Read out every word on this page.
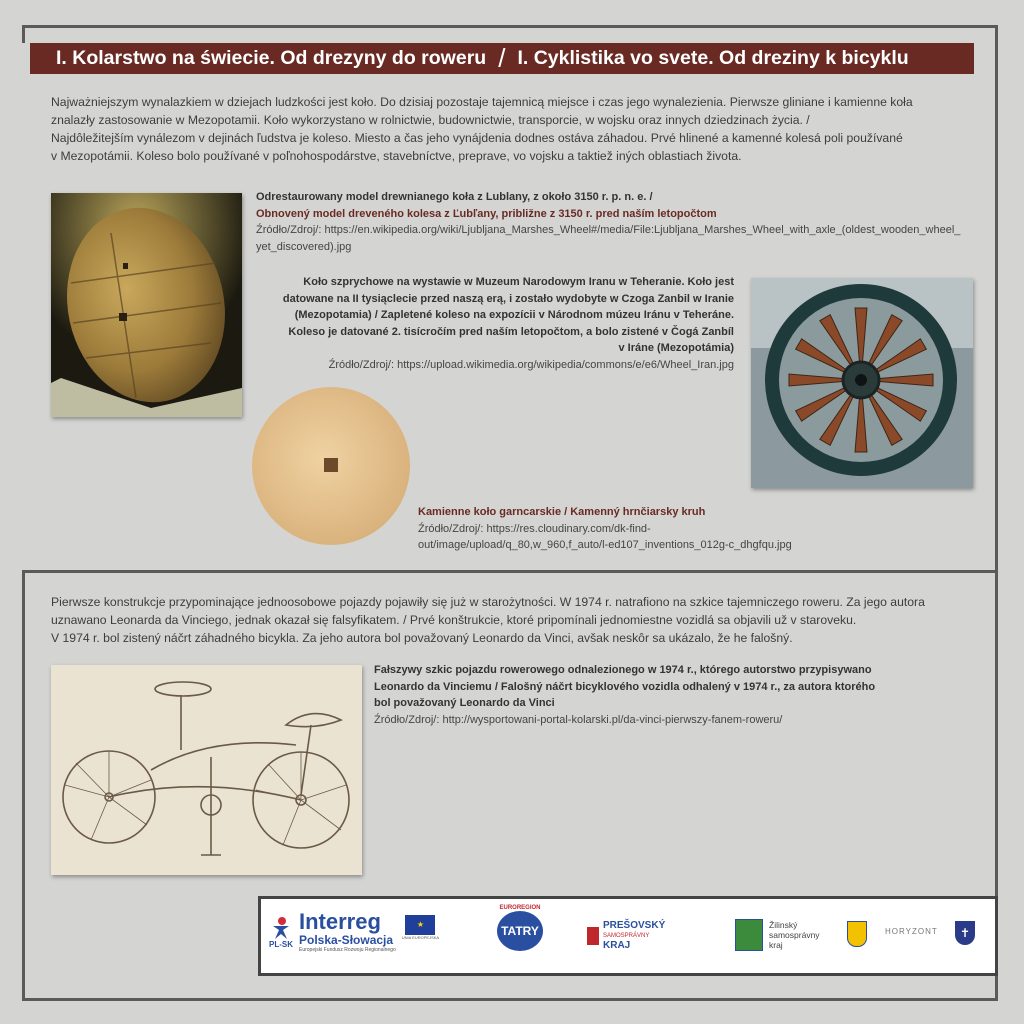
I. Kolarstwo na świecie. Od drezyny do roweru / I. Cyklistika vo svete. Od dreziny k bicyklu
Najważniejszym wynalazkiem w dziejach ludzkości jest koło. Do dzisiaj pozostaje tajemnicą miejsce i czas jego wynalezienia. Pierwsze gliniane i kamienne koła
znalazły zastosowanie w Mezopotamii. Koło wykorzystano w rolnictwie, budownictwie, transporcie, w wojsku oraz innych dziedzinach życia. /
Najdôležitejším vynálezom v dejinách ľudstva je koleso. Miesto a čas jeho vynájdenia dodnes ostáva záhadou. Prvé hlinené a kamenné kolesá poli používané
v Mezopotámii. Koleso bolo používané v poľnohospodárstve, stavebníctve, preprave, vo vojsku a taktiež iných oblastiach života.
Odrestaurowany model drewnianego koła z Lublany, z około 3150 r. p. n. e. /
Obnovený model dreveného kolesa z Ľubľany, približne z 3150 r. pred naším letopočtom
Źródło/Zdroj/: https://en.wikipedia.org/wiki/Ljubljana_Marshes_Wheel#/media/File:Ljubljana_Marshes_Wheel_with_axle_(oldest_wooden_wheel_
yet_discovered).jpg
Koło szprychowe na wystawie w Muzeum Narodowym Iranu w Teheranie. Koło jest
datowane na II tysiąclecie przed naszą erą, i zostało wydobyte w Czoga Zanbil w Iranie
(Mezopotamia) / Zapletené koleso na expozícii v Národnom múzeu Iránu v Teheráne.
Koleso je datované 2. tisícročím pred naším letopočtom, a bolo zistené v Čogá Zanbíl
v Iráne (Mezopotámia)
Źródło/Zdroj/: https://upload.wikimedia.org/wikipedia/commons/e/e6/Wheel_Iran.jpg
Kamienne koło garncarskie / Kamenný hrnčiarsky kruh
Źródło/Zdroj/: https://res.cloudinary.com/dk-find-
out/image/upload/q_80,w_960,f_auto/l-ed107_inventions_012g-c_dhgfqu.jpg
Pierwsze konstrukcje przypominające jednoosobowe pojazdy pojawiły się już w starożytności. W 1974 r. natrafiono na szkice tajemniczego roweru. Za jego autora
uznawano Leonarda da Vinciego, jednak okazał się falsyfikatem. / Prvé konštrukcie, ktoré pripomínali jednomiestne vozidlá sa objavili už v staroveku.
V 1974 r. bol zistený náčrt záhadného bicykla. Za jeho autora bol považovaný Leonardo da Vinci, avšak neskôr sa ukázalo, že he falošný.
Fałszywy szkic pojazdu rowerowego odnalezionego w 1974 r., którego autorstwo przypisywano
Leonardo da Vinciemu / Falošný náčrt bicyklového vozidla odhalený v 1974 r., za autora ktorého
bol považovaný Leonardo da Vinci
Źródło/Zdroj/: http://wysportowani-portal-kolarski.pl/da-vinci-pierwszy-fanem-roweru/
PL-SK
Interreg
Polska-Słowacja
Europejski Fundusz Rozwoju Regionalnego
★
UNIA EUROPEJSKA
EUROREGION
TATRY	PREŠOVSKÝ
SAMOSPRÁVNY
KRAJ
Žilinský
samosprávny
kraj
HORYZONT	✝
